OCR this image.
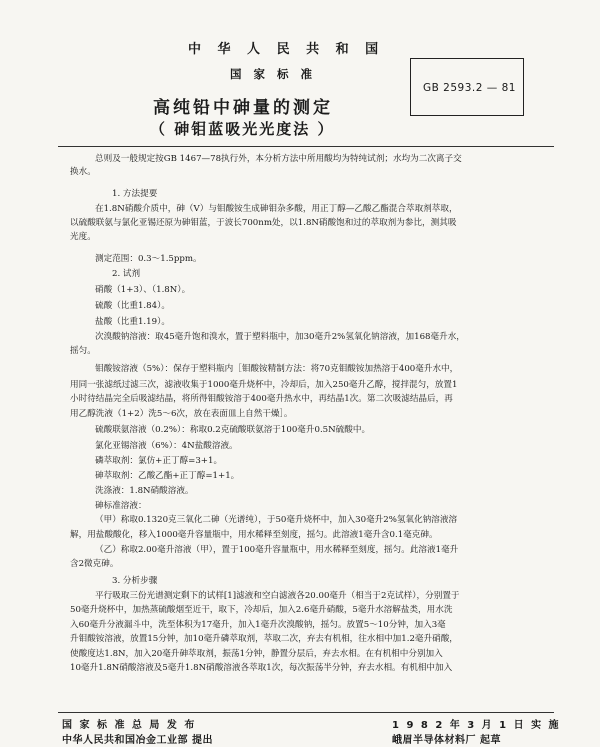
中 华 人 民 共 和 国
国 家 标 准
高纯铅中砷量的测定
（ 砷钼蓝吸光光度法 ）
GB 2593.2 — 81
总则及一般规定按GB 1467—78执行外，本分析方法中所用酸均为特纯试剂；水均为二次离子交
换水。
1. 方法提要
在1.8N硝酸介质中，砷（V）与钼酸铵生成砷钼杂多酸，用正丁醇—乙酸乙酯混合萃取剂萃取，
以硫酸联氨与氯化亚锡还原为砷钼蓝，于波长700nm处，以1.8N硝酸饱和过的萃取剂为参比，测其吸
光度。
测定范围：0.3～1.5ppm。
2. 试剂
硝酸（1+3）、（1.8N）。
硫酸（比重1.84）。
盐酸（比重1.19）。
次溴酸钠溶液：取45毫升饱和溴水，置于塑料瓶中，加30毫升2%氢氧化钠溶液，加168毫升水，
摇匀。
钼酸铵溶液（5%）：保存于塑料瓶内［钼酸铵精制方法：将70克钼酸铵加热溶于400毫升水中，
用同一张滤纸过滤三次，滤液收集于1000毫升烧杯中，冷却后，加入250毫升乙醇，搅拌混匀，放置1
小时待结晶完全后吸滤结晶，将所得钼酸铵溶于400毫升热水中，再结晶1次。第二次吸滤结晶后，再
用乙醇洗液（1+2）洗5～6次，放在表面皿上自然干燥］。
硫酸联氨溶液（0.2%）：称取0.2克硫酸联氨溶于100毫升0.5N硫酸中。
氯化亚锡溶液（6%）：4N盐酸溶液。
磷萃取剂：氯仿+正丁醇=3+1。
砷萃取剂：乙酸乙酯+正丁醇=1+1。
洗涤液：1.8N硝酸溶液。
砷标准溶液：
（甲）称取0.1320克三氧化二砷（光谱纯），于50毫升烧杯中，加入30毫升2%氢氧化钠溶液溶
解，用盐酸酸化，移入1000毫升容量瓶中，用水稀释至刻度，摇匀。此溶液1毫升含0.1毫克砷。
（乙）称取2.00毫升溶液（甲），置于100毫升容量瓶中，用水稀释至刻度，摇匀。此溶液1毫升
含2微克砷。
3. 分析步骤
平行吸取三份光谱测定剩下的试样[1]滤液和空白滤液各20.00毫升（相当于2克试样），分别置于
50毫升烧杯中，加热蒸硫酸烟至近干，取下，冷却后，加入2.6毫升硝酸，5毫升水溶解盐类，用水洗
入60毫升分液漏斗中，洗至体积为17毫升，加入1毫升次溴酸钠，摇匀。放置5～10分钟，加入3毫
升钼酸铵溶液，放置15分钟，加10毫升磷萃取剂，萃取二次，弃去有机相，往水相中加1.2毫升硝酸，
使酸度达1.8N，加入20毫升砷萃取剂，振荡1分钟，静置分层后，弃去水相。在有机相中分别加入
10毫升1.8N硝酸溶液及5毫升1.8N硝酸溶液各萃取1次，每次振荡半分钟，弃去水相。有机相中加入
国 家 标 准 总 局 发 布	1 9 8 2 年 3 月 1 日 实 施
中华人民共和国冶金工业部 提出	峨眉半导体材料厂 起草
